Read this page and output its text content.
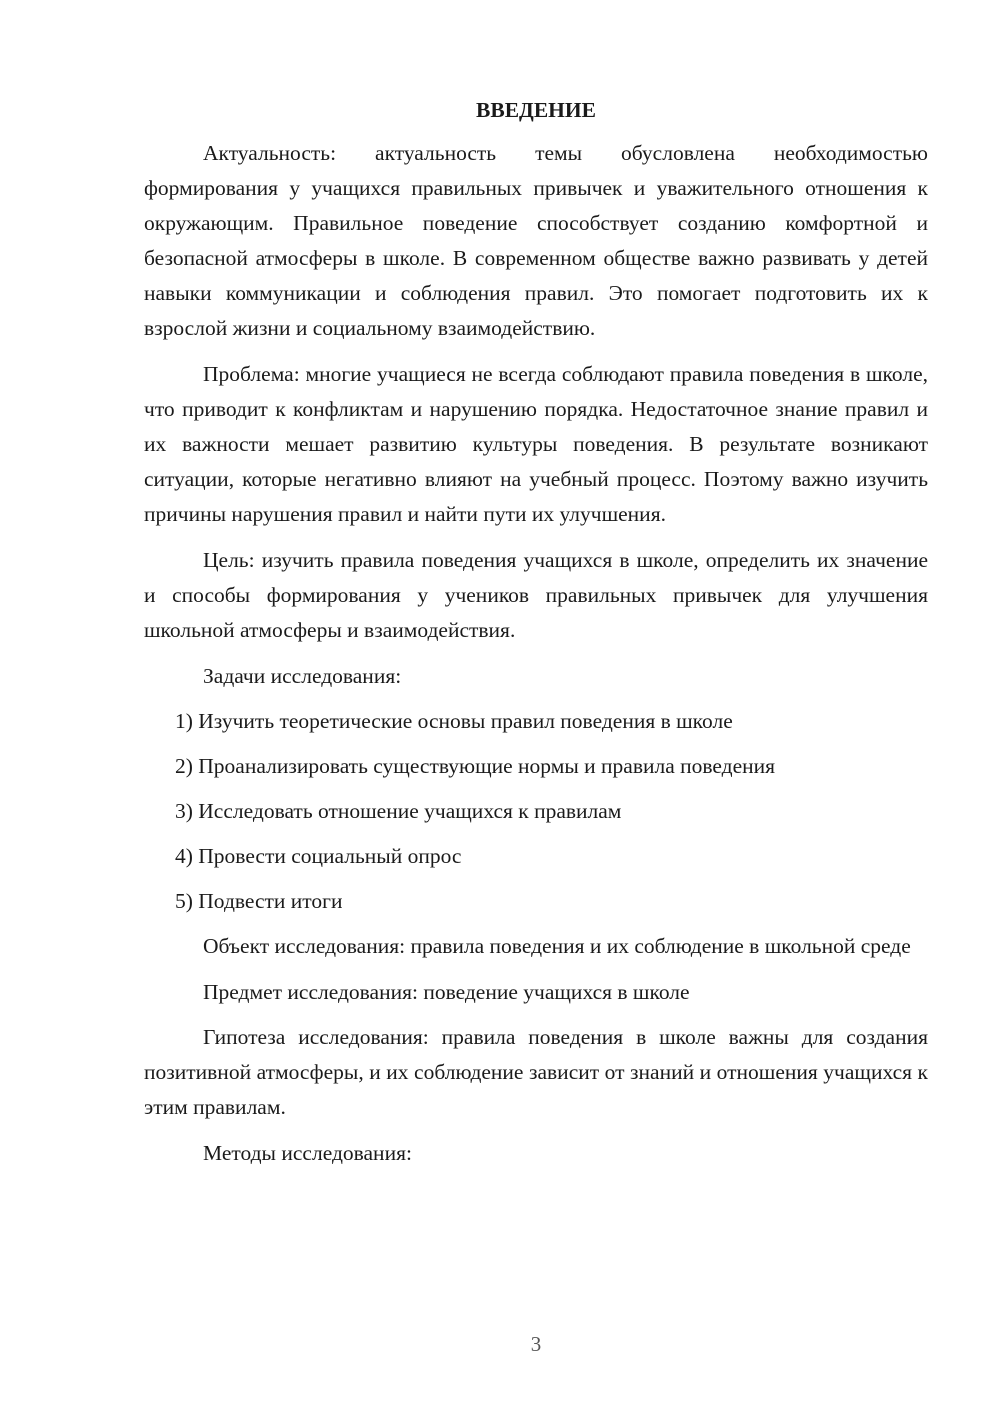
ВВЕДЕНИЕ

Актуальность: актуальность темы обусловлена необходимостью формирования у учащихся правильных привычек и уважительного отношения к окружающим. Правильное поведение способствует созданию комфортной и безопасной атмосферы в школе. В современном обществе важно развивать у детей навыки коммуникации и соблюдения правил. Это помогает подготовить их к взрослой жизни и социальному взаимодействию.

Проблема: многие учащиеся не всегда соблюдают правила поведения в школе, что приводит к конфликтам и нарушению порядка. Недостаточное знание правил и их важности мешает развитию культуры поведения. В результате возникают ситуации, которые негативно влияют на учебный процесс. Поэтому важно изучить причины нарушения правил и найти пути их улучшения.

Цель: изучить правила поведения учащихся в школе, определить их значение и способы формирования у учеников правильных привычек для улучшения школьной атмосферы и взаимодействия.

Задачи исследования:

1) Изучить теоретические основы правил поведения в школе
2) Проанализировать существующие нормы и правила поведения
3) Исследовать отношение учащихся к правилам
4) Провести социальный опрос
5) Подвести итоги

Объект исследования: правила поведения и их соблюдение в школьной среде

Предмет исследования: поведение учащихся в школе

Гипотеза исследования: правила поведения в школе важны для создания позитивной атмосферы, и их соблюдение зависит от знаний и отношения учащихся к этим правилам.

Методы исследования:

3
